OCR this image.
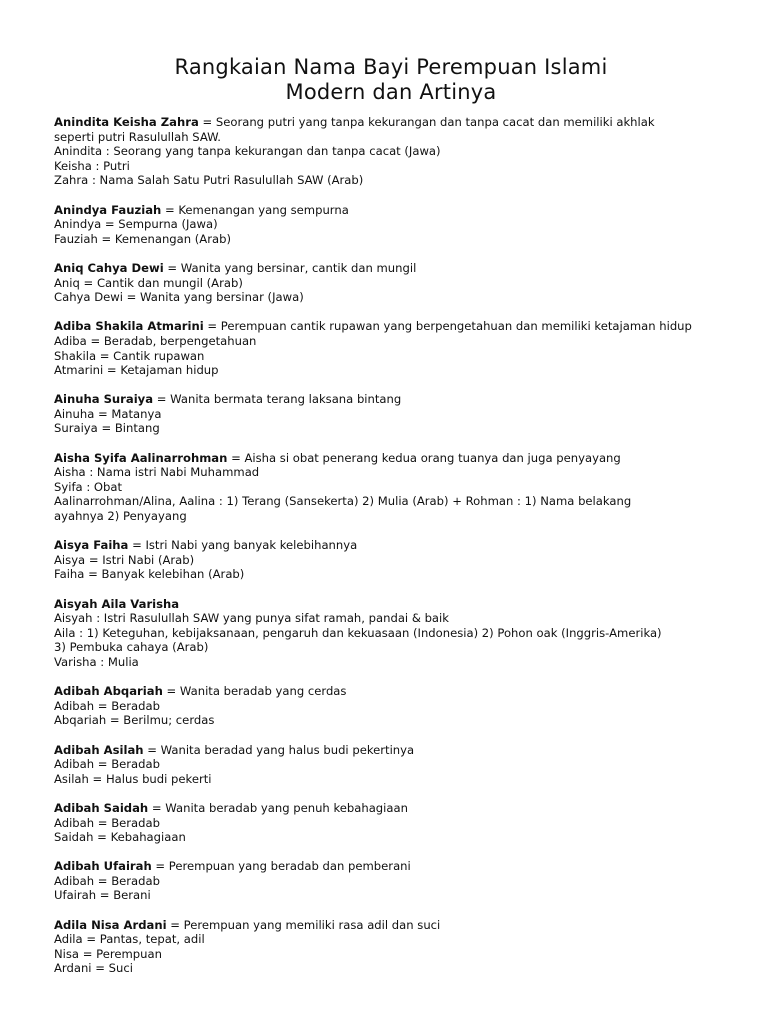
Rangkaian Nama Bayi Perempuan Islami
Modern dan Artinya
Anindita Keisha Zahra = Seorang putri yang tanpa kekurangan dan tanpa cacat dan memiliki akhlak
seperti putri Rasulullah SAW.
Anindita : Seorang yang tanpa kekurangan dan tanpa cacat (Jawa)
Keisha : Putri
Zahra : Nama Salah Satu Putri Rasulullah SAW (Arab)
Anindya Fauziah = Kemenangan yang sempurna
Anindya = Sempurna (Jawa)
Fauziah = Kemenangan (Arab)
Aniq Cahya Dewi = Wanita yang bersinar, cantik dan mungil
Aniq = Cantik dan mungil (Arab)
Cahya Dewi = Wanita yang bersinar (Jawa)
Adiba Shakila Atmarini = Perempuan cantik rupawan yang berpengetahuan dan memiliki ketajaman hidup
Adiba = Beradab, berpengetahuan
Shakila = Cantik rupawan
Atmarini = Ketajaman hidup
Ainuha Suraiya = Wanita bermata terang laksana bintang
Ainuha = Matanya
Suraiya = Bintang
Aisha Syifa Aalinarrohman = Aisha si obat penerang kedua orang tuanya dan juga penyayang
Aisha : Nama istri Nabi Muhammad
Syifa : Obat
Aalinarrohman/Alina, Aalina : 1) Terang (Sansekerta) 2) Mulia (Arab) + Rohman : 1) Nama belakang
ayahnya 2) Penyayang
Aisya Faiha = Istri Nabi yang banyak kelebihannya
Aisya = Istri Nabi (Arab)
Faiha = Banyak kelebihan (Arab)
Aisyah Aila Varisha
Aisyah : Istri Rasulullah SAW yang punya sifat ramah, pandai & baik
Aila : 1) Keteguhan, kebijaksanaan, pengaruh dan kekuasaan (Indonesia) 2) Pohon oak (Inggris-Amerika)
3) Pembuka cahaya (Arab)
Varisha : Mulia
Adibah Abqariah = Wanita beradab yang cerdas
Adibah = Beradab
Abqariah = Berilmu; cerdas
Adibah Asilah = Wanita beradad yang halus budi pekertinya
Adibah = Beradab
Asilah = Halus budi pekerti
Adibah Saidah = Wanita beradab yang penuh kebahagiaan
Adibah = Beradab
Saidah = Kebahagiaan
Adibah Ufairah = Perempuan yang beradab dan pemberani
Adibah = Beradab
Ufairah = Berani
Adila Nisa Ardani = Perempuan yang memiliki rasa adil dan suci
Adila = Pantas, tepat, adil
Nisa = Perempuan
Ardani = Suci
